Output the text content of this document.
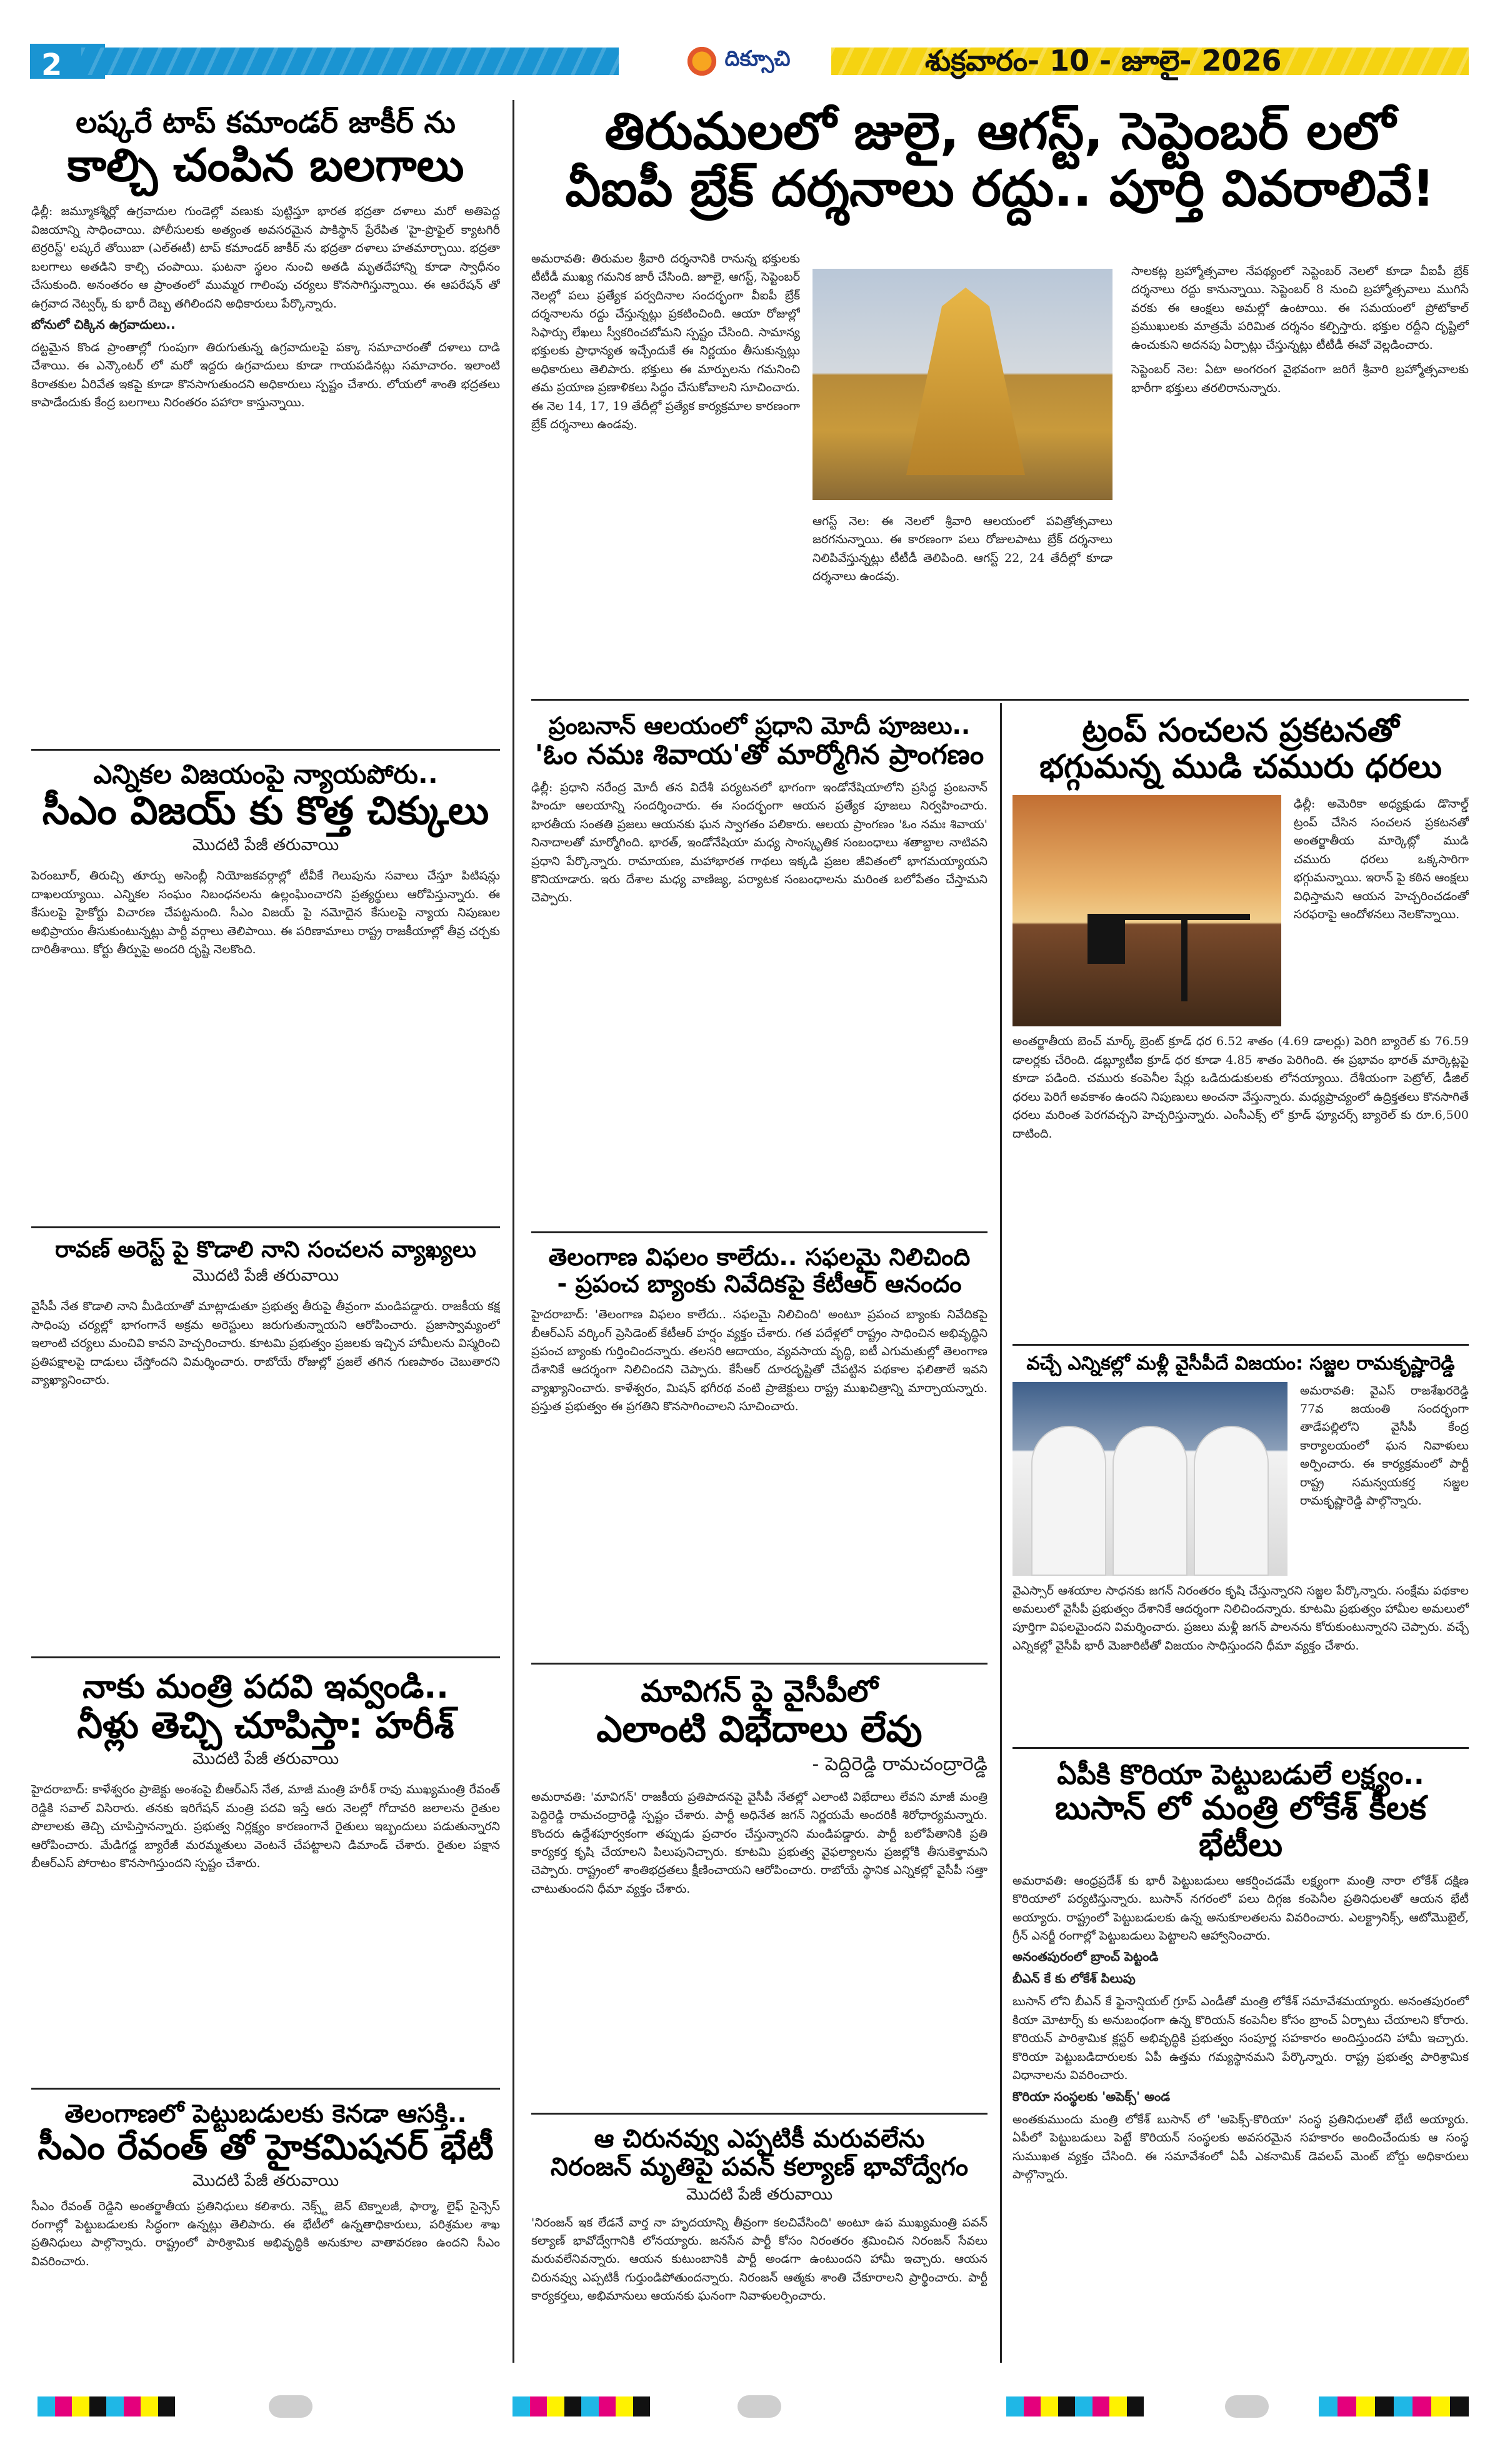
2	దిక్సూచి	శుక్రవారం- 10 - జూలై- 2026
లష్కరే టాప్ కమాండర్ జాకీర్ ను
కాల్చి చంపిన బలగాలు
ఢిల్లీ: జమ్మూకశ్మీర్లో ఉగ్రవాదుల గుండెల్లో వణుకు పుట్టిస్తూ భారత భద్రతా దళాలు మరో అతిపెద్ద విజయాన్ని సాధించాయి. పోలీసులకు అత్యంత అవసరమైన పాకిస్థాన్ ప్రేరేపిత 'హై-ప్రొఫైల్ క్యాటగిరీ టెర్రరిస్ట్' లష్కరే తోయిబా (ఎల్ఈటీ) టాప్ కమాండర్ జాకీర్ ను భద్రతా దళాలు హతమార్చాయి. భద్రతా బలగాలు అతడిని కాల్చి చంపాయి. ఘటనా స్థలం నుంచి అతడి మృతదేహాన్ని కూడా స్వాధీనం చేసుకుంది. అనంతరం ఆ ప్రాంతంలో ముమ్మర గాలింపు చర్యలు కొనసాగిస్తున్నాయి. ఈ ఆపరేషన్ తో ఉగ్రవాద నెట్వర్క్ కు భారీ దెబ్బ తగిలిందని అధికారులు పేర్కొన్నారు.
బోనులో చిక్కిన ఉగ్రవాదులు..
దట్టమైన కొండ ప్రాంతాల్లో గుంపుగా తిరుగుతున్న ఉగ్రవాదులపై పక్కా సమాచారంతో దళాలు దాడి చేశాయి. ఈ ఎన్కౌంటర్ లో మరో ఇద్దరు ఉగ్రవాదులు కూడా గాయపడినట్లు సమాచారం. ఇలాంటి కిరాతకుల ఏరివేత ఇకపై కూడా కొనసాగుతుందని అధికారులు స్పష్టం చేశారు. లోయలో శాంతి భద్రతలు కాపాడేందుకు కేంద్ర బలగాలు నిరంతరం పహారా కాస్తున్నాయి.
ఎన్నికల విజయంపై న్యాయపోరు..
సీఎం విజయ్ కు కొత్త చిక్కులు
మొదటి పేజీ తరువాయి
పెరంబూర్, తిరుచ్చి తూర్పు అసెంబ్లీ నియోజకవర్గాల్లో టీవీకే గెలుపును సవాలు చేస్తూ పిటిషన్లు దాఖలయ్యాయి. ఎన్నికల సంఘం నిబంధనలను ఉల్లంఘించారని ప్రత్యర్థులు ఆరోపిస్తున్నారు. ఈ కేసులపై హైకోర్టు విచారణ చేపట్టనుంది. సీఎం విజయ్ పై నమోదైన కేసులపై న్యాయ నిపుణుల అభిప్రాయం తీసుకుంటున్నట్లు పార్టీ వర్గాలు తెలిపాయి. ఈ పరిణామాలు రాష్ట్ర రాజకీయాల్లో తీవ్ర చర్చకు దారితీశాయి. కోర్టు తీర్పుపై అందరి దృష్టి నెలకొంది.
రావణ్ అరెస్ట్ పై కొడాలి నాని సంచలన వ్యాఖ్యలు
మొదటి పేజీ తరువాయి
వైసీపీ నేత కొడాలి నాని మీడియాతో మాట్లాడుతూ ప్రభుత్వ తీరుపై తీవ్రంగా మండిపడ్డారు. రాజకీయ కక్ష సాధింపు చర్యల్లో భాగంగానే అక్రమ అరెస్టులు జరుగుతున్నాయని ఆరోపించారు. ప్రజాస్వామ్యంలో ఇలాంటి చర్యలు మంచివి కావని హెచ్చరించారు. కూటమి ప్రభుత్వం ప్రజలకు ఇచ్చిన హామీలను విస్మరించి ప్రతిపక్షాలపై దాడులు చేస్తోందని విమర్శించారు. రాబోయే రోజుల్లో ప్రజలే తగిన గుణపాఠం చెబుతారని వ్యాఖ్యానించారు.
నాకు మంత్రి పదవి ఇవ్వండి..
నీళ్లు తెచ్చి చూపిస్తా: హరీశ్
మొదటి పేజీ తరువాయి
హైదరాబాద్: కాళేశ్వరం ప్రాజెక్టు అంశంపై బీఆర్ఎస్ నేత, మాజీ మంత్రి హరీశ్ రావు ముఖ్యమంత్రి రేవంత్ రెడ్డికి సవాల్ విసిరారు. తనకు ఇరిగేషన్ మంత్రి పదవి ఇస్తే ఆరు నెలల్లో గోదావరి జలాలను రైతుల పొలాలకు తెచ్చి చూపిస్తానన్నారు. ప్రభుత్వ నిర్లక్ష్యం కారణంగానే రైతులు ఇబ్బందులు పడుతున్నారని ఆరోపించారు. మేడిగడ్డ బ్యారేజీ మరమ్మతులు వెంటనే చేపట్టాలని డిమాండ్ చేశారు. రైతుల పక్షాన బీఆర్ఎస్ పోరాటం కొనసాగిస్తుందని స్పష్టం చేశారు.
తెలంగాణలో పెట్టుబడులకు కెనడా ఆసక్తి..
సీఎం రేవంత్ తో హైకమిషనర్ భేటీ
మొదటి పేజీ తరువాయి
సీఎం రేవంత్ రెడ్డిని అంతర్జాతీయ ప్రతినిధులు కలిశారు. నెక్స్ట్ జెన్ టెక్నాలజీ, ఫార్మా, లైఫ్ సైన్సెస్ రంగాల్లో పెట్టుబడులకు సిద్ధంగా ఉన్నట్లు తెలిపారు. ఈ భేటీలో ఉన్నతాధికారులు, పరిశ్రమల శాఖ ప్రతినిధులు పాల్గొన్నారు. రాష్ట్రంలో పారిశ్రామిక అభివృద్ధికి అనుకూల వాతావరణం ఉందని సీఎం వివరించారు.
తిరుమలలో జులై, ఆగస్ట్, సెప్టెంబర్ లలో
వీఐపీ బ్రేక్ దర్శనాలు రద్దు.. పూర్తి వివరాలివే!
అమరావతి: తిరుమల శ్రీవారి దర్శనానికి రానున్న భక్తులకు టీటీడీ ముఖ్య గమనిక జారీ చేసింది. జూలై, ఆగస్ట్, సెప్టెంబర్ నెలల్లో పలు ప్రత్యేక పర్వదినాల సందర్భంగా వీఐపీ బ్రేక్ దర్శనాలను రద్దు చేస్తున్నట్లు ప్రకటించింది. ఆయా రోజుల్లో సిఫార్సు లేఖలు స్వీకరించబోమని స్పష్టం చేసింది. సామాన్య భక్తులకు ప్రాధాన్యత ఇచ్చేందుకే ఈ నిర్ణయం తీసుకున్నట్లు అధికారులు తెలిపారు. భక్తులు ఈ మార్పులను గమనించి తమ ప్రయాణ ప్రణాళికలు సిద్ధం చేసుకోవాలని సూచించారు. ఈ నెల 14, 17, 19 తేదీల్లో ప్రత్యేక కార్యక్రమాల కారణంగా బ్రేక్ దర్శనాలు ఉండవు.
ఆగస్ట్ నెల: ఈ నెలలో శ్రీవారి ఆలయంలో పవిత్రోత్సవాలు జరగనున్నాయి. ఈ కారణంగా పలు రోజులపాటు బ్రేక్ దర్శనాలు నిలిపివేస్తున్నట్లు టీటీడీ తెలిపింది. ఆగస్ట్ 22, 24 తేదీల్లో కూడా దర్శనాలు ఉండవు.
సాలకట్ల బ్రహ్మోత్సవాల నేపథ్యంలో సెప్టెంబర్ నెలలో కూడా వీఐపీ బ్రేక్ దర్శనాలు రద్దు కానున్నాయి. సెప్టెంబర్ 8 నుంచి బ్రహ్మోత్సవాలు ముగిసే వరకు ఈ ఆంక్షలు అమల్లో ఉంటాయి. ఈ సమయంలో ప్రోటోకాల్ ప్రముఖులకు మాత్రమే పరిమిత దర్శనం కల్పిస్తారు. భక్తుల రద్దీని దృష్టిలో ఉంచుకుని అదనపు ఏర్పాట్లు చేస్తున్నట్లు టీటీడీ ఈవో వెల్లడించారు.
సెప్టెంబర్ నెల: ఏటా అంగరంగ వైభవంగా జరిగే శ్రీవారి బ్రహ్మోత్సవాలకు భారీగా భక్తులు తరలిరానున్నారు.
ప్రంబనాన్ ఆలయంలో ప్రధాని మోదీ పూజలు..
'ఓం నమః శివాయ'తో మార్మోగిన ప్రాంగణం
ఢిల్లీ: ప్రధాని నరేంద్ర మోదీ తన విదేశీ పర్యటనలో భాగంగా ఇండోనేషియాలోని ప్రసిద్ధ ప్రంబనాన్ హిందూ ఆలయాన్ని సందర్శించారు. ఈ సందర్భంగా ఆయన ప్రత్యేక పూజలు నిర్వహించారు. భారతీయ సంతతి ప్రజలు ఆయనకు ఘన స్వాగతం పలికారు. ఆలయ ప్రాంగణం 'ఓం నమః శివాయ' నినాదాలతో మార్మోగింది. భారత్, ఇండోనేషియా మధ్య సాంస్కృతిక సంబంధాలు శతాబ్దాల నాటివని ప్రధాని పేర్కొన్నారు. రామాయణ, మహాభారత గాథలు ఇక్కడి ప్రజల జీవితంలో భాగమయ్యాయని కొనియాడారు. ఇరు దేశాల మధ్య వాణిజ్య, పర్యాటక సంబంధాలను మరింత బలోపేతం చేస్తామని చెప్పారు.
తెలంగాణ విఫలం కాలేదు.. సఫలమై నిలిచింది
- ప్రపంచ బ్యాంకు నివేదికపై కేటీఆర్ ఆనందం
హైదరాబాద్: 'తెలంగాణ విఫలం కాలేదు.. సఫలమై నిలిచింది' అంటూ ప్రపంచ బ్యాంకు నివేదికపై బీఆర్ఎస్ వర్కింగ్ ప్రెసిడెంట్ కేటీఆర్ హర్షం వ్యక్తం చేశారు. గత పదేళ్లలో రాష్ట్రం సాధించిన అభివృద్ధిని ప్రపంచ బ్యాంకు గుర్తించిందన్నారు. తలసరి ఆదాయం, వ్యవసాయ వృద్ధి, ఐటీ ఎగుమతుల్లో తెలంగాణ దేశానికే ఆదర్శంగా నిలిచిందని చెప్పారు. కేసీఆర్ దూరదృష్టితో చేపట్టిన పథకాల ఫలితాలే ఇవని వ్యాఖ్యానించారు. కాళేశ్వరం, మిషన్ భగీరథ వంటి ప్రాజెక్టులు రాష్ట్ర ముఖచిత్రాన్ని మార్చాయన్నారు. ప్రస్తుత ప్రభుత్వం ఈ ప్రగతిని కొనసాగించాలని సూచించారు.
మావిగన్ పై వైసీపీలో
ఎలాంటి విభేదాలు లేవు
- పెద్దిరెడ్డి రామచంద్రారెడ్డి
అమరావతి: 'మావిగన్' రాజకీయ ప్రతిపాదనపై వైసీపీ నేతల్లో ఎలాంటి విభేదాలు లేవని మాజీ మంత్రి పెద్దిరెడ్డి రామచంద్రారెడ్డి స్పష్టం చేశారు. పార్టీ అధినేత జగన్ నిర్ణయమే అందరికీ శిరోధార్యమన్నారు. కొందరు ఉద్దేశపూర్వకంగా తప్పుడు ప్రచారం చేస్తున్నారని మండిపడ్డారు. పార్టీ బలోపేతానికి ప్రతి కార్యకర్త కృషి చేయాలని పిలుపునిచ్చారు. కూటమి ప్రభుత్వ వైఫల్యాలను ప్రజల్లోకి తీసుకెళ్తామని చెప్పారు. రాష్ట్రంలో శాంతిభద్రతలు క్షీణించాయని ఆరోపించారు. రాబోయే స్థానిక ఎన్నికల్లో వైసీపీ సత్తా చాటుతుందని ధీమా వ్యక్తం చేశారు.
ఆ చిరునవ్వు ఎప్పటికీ మరువలేను
నిరంజన్ మృతిపై పవన్ కల్యాణ్ భావోద్వేగం
మొదటి పేజీ తరువాయి
'నిరంజన్ ఇక లేడనే వార్త నా హృదయాన్ని తీవ్రంగా కలచివేసింది' అంటూ ఉప ముఖ్యమంత్రి పవన్ కల్యాణ్ భావోద్వేగానికి లోనయ్యారు. జనసేన పార్టీ కోసం నిరంతరం శ్రమించిన నిరంజన్ సేవలు మరువలేనివన్నారు. ఆయన కుటుంబానికి పార్టీ అండగా ఉంటుందని హామీ ఇచ్చారు. ఆయన చిరునవ్వు ఎప్పటికీ గుర్తుండిపోతుందన్నారు. నిరంజన్ ఆత్మకు శాంతి చేకూరాలని ప్రార్థించారు. పార్టీ కార్యకర్తలు, అభిమానులు ఆయనకు ఘనంగా నివాళులర్పించారు.
ట్రంప్ సంచలన ప్రకటనతో
భగ్గుమన్న ముడి చమురు ధరలు
ఢిల్లీ: అమెరికా అధ్యక్షుడు డొనాల్డ్ ట్రంప్ చేసిన సంచలన ప్రకటనతో అంతర్జాతీయ మార్కెట్లో ముడి చమురు ధరలు ఒక్కసారిగా భగ్గుమన్నాయి. ఇరాన్ పై కఠిన ఆంక్షలు విధిస్తామని ఆయన హెచ్చరించడంతో సరఫరాపై ఆందోళనలు నెలకొన్నాయి.
అంతర్జాతీయ బెంచ్ మార్క్ బ్రెంట్ క్రూడ్ ధర 6.52 శాతం (4.69 డాలర్లు) పెరిగి బ్యారెల్ కు 76.59 డాలర్లకు చేరింది. డబ్ల్యూటీఐ క్రూడ్ ధర కూడా 4.85 శాతం పెరిగింది. ఈ ప్రభావం భారత్ మార్కెట్లపై కూడా పడింది. చమురు కంపెనీల షేర్లు ఒడిదుడుకులకు లోనయ్యాయి. దేశీయంగా పెట్రోల్, డీజిల్ ధరలు పెరిగే అవకాశం ఉందని నిపుణులు అంచనా వేస్తున్నారు. మధ్యప్రాచ్యంలో ఉద్రిక్తతలు కొనసాగితే ధరలు మరింత పెరగవచ్చని హెచ్చరిస్తున్నారు. ఎంసీఎక్స్ లో క్రూడ్ ఫ్యూచర్స్ బ్యారెల్ కు రూ.6,500 దాటింది.
వచ్చే ఎన్నికల్లో మళ్లీ వైసీపీదే విజయం: సజ్జల రామకృష్ణారెడ్డి
అమరావతి: వైఎస్ రాజశేఖరరెడ్డి 77వ జయంతి సందర్భంగా తాడేపల్లిలోని వైసీపీ కేంద్ర కార్యాలయంలో ఘన నివాళులు అర్పించారు. ఈ కార్యక్రమంలో పార్టీ రాష్ట్ర సమన్వయకర్త సజ్జల రామకృష్ణారెడ్డి పాల్గొన్నారు.
వైఎస్సార్ ఆశయాల సాధనకు జగన్ నిరంతరం కృషి చేస్తున్నారని సజ్జల పేర్కొన్నారు. సంక్షేమ పథకాల అమలులో వైసీపీ ప్రభుత్వం దేశానికే ఆదర్శంగా నిలిచిందన్నారు. కూటమి ప్రభుత్వం హామీల అమలులో పూర్తిగా విఫలమైందని విమర్శించారు. ప్రజలు మళ్లీ జగన్ పాలనను కోరుకుంటున్నారని చెప్పారు. వచ్చే ఎన్నికల్లో వైసీపీ భారీ మెజారిటీతో విజయం సాధిస్తుందని ధీమా వ్యక్తం చేశారు.
ఏపీకి కొరియా పెట్టుబడులే లక్ష్యం..
బుసాన్ లో మంత్రి లోకేశ్ కీలక భేటీలు
అమరావతి: ఆంధ్రప్రదేశ్ కు భారీ పెట్టుబడులు ఆకర్షించడమే లక్ష్యంగా మంత్రి నారా లోకేశ్ దక్షిణ కొరియాలో పర్యటిస్తున్నారు. బుసాన్ నగరంలో పలు దిగ్గజ కంపెనీల ప్రతినిధులతో ఆయన భేటీ అయ్యారు. రాష్ట్రంలో పెట్టుబడులకు ఉన్న అనుకూలతలను వివరించారు. ఎలక్ట్రానిక్స్, ఆటోమొబైల్, గ్రీన్ ఎనర్జీ రంగాల్లో పెట్టుబడులు పెట్టాలని ఆహ్వానించారు.
అనంతపురంలో బ్రాంచ్ పెట్టండి
బీఎన్ కే కు లోకేశ్ పిలుపు
బుసాన్ లోని బీఎన్ కే ఫైనాన్షియల్ గ్రూప్ ఎండీతో మంత్రి లోకేశ్ సమావేశమయ్యారు. అనంతపురంలో కియా మోటార్స్ కు అనుబంధంగా ఉన్న కొరియన్ కంపెనీల కోసం బ్రాంచ్ ఏర్పాటు చేయాలని కోరారు. కొరియన్ పారిశ్రామిక క్లస్టర్ అభివృద్ధికి ప్రభుత్వం సంపూర్ణ సహకారం అందిస్తుందని హామీ ఇచ్చారు. కొరియా పెట్టుబడిదారులకు ఏపీ ఉత్తమ గమ్యస్థానమని పేర్కొన్నారు. రాష్ట్ర ప్రభుత్వ పారిశ్రామిక విధానాలను వివరించారు.
కొరియా సంస్థలకు 'అపెక్స్' అండ
అంతకుముందు మంత్రి లోకేశ్ బుసాన్ లో 'అపెక్స్-కొరియా' సంస్థ ప్రతినిధులతో భేటీ అయ్యారు. ఏపీలో పెట్టుబడులు పెట్టే కొరియన్ సంస్థలకు అవసరమైన సహకారం అందించేందుకు ఆ సంస్థ సుముఖత వ్యక్తం చేసింది. ఈ సమావేశంలో ఏపీ ఎకనామిక్ డెవలప్ మెంట్ బోర్డు అధికారులు పాల్గొన్నారు.
